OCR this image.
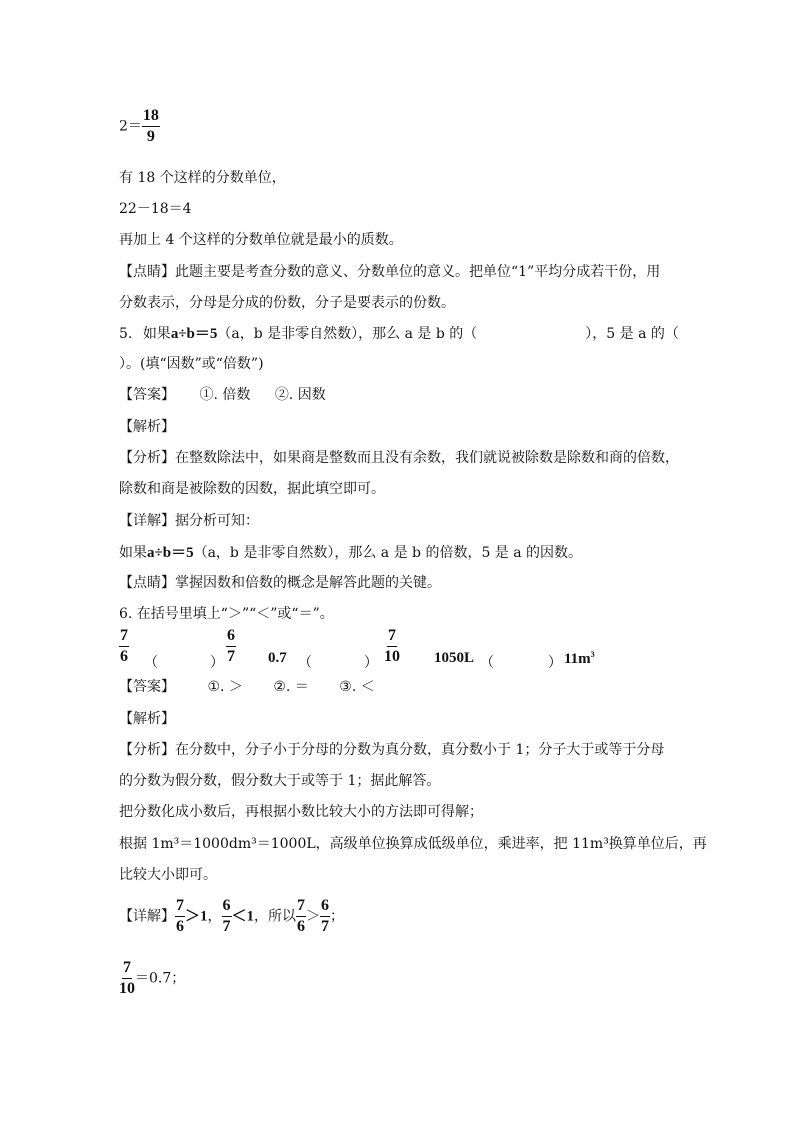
$2= \frac{18}{9}$
有 18 个这样的分数单位，
22－18＝4
再加上 4 个这样的分数单位就是最小的质数。
【点睛】此题主要是考查分数的意义、分数单位的意义。把单位“1”平均分成若干份，用
分数表示，分母是分成的份数，分子是要表示的份数。
5. 如果a÷b＝5（a，b 是非零自然数），那么 a 是 b 的（	），5 是 a 的（
）。(填“因数”或“倍数”)
【答案】 ①. 倍数 ②. 因数
【解析】
【分析】在整数除法中，如果商是整数而且没有余数，我们就说被除数是除数和商的倍数，
除数和商是被除数的因数，据此填空即可。
【详解】据分析可知：
如果a÷b＝5（a，b 是非零自然数），那么 a 是 b 的倍数，5 是 a 的因数。
【点睛】掌握因数和倍数的概念是解答此题的关键。
6. 在括号里填上“＞”“＜”或“＝”。
$\frac{7}{6}$ （	） $\frac{6}{7} 0.7$ （	） $\frac{7}{10} 1050L$ （	） $11m^3$
【答案】 ①. ＞ ②. ＝ ③. ＜
【解析】
【分析】在分数中，分子小于分母的分数为真分数，真分数小于 1；分子大于或等于分母
的分数为假分数，假分数大于或等于 1；据此解答。
把分数化成小数后，再根据小数比较大小的方法即可得解；
根据 1m³＝1000dm³＝1000L，高级单位换算成低级单位，乘进率，把 11m³换算单位后，再
比较大小即可。
【详解】 $\frac{7}{6} >1$， $\frac{6}{7} <1$，所以 $\frac{7}{6} > \frac{6}{7}$ ；
$\frac{7}{10} =0.7$；
